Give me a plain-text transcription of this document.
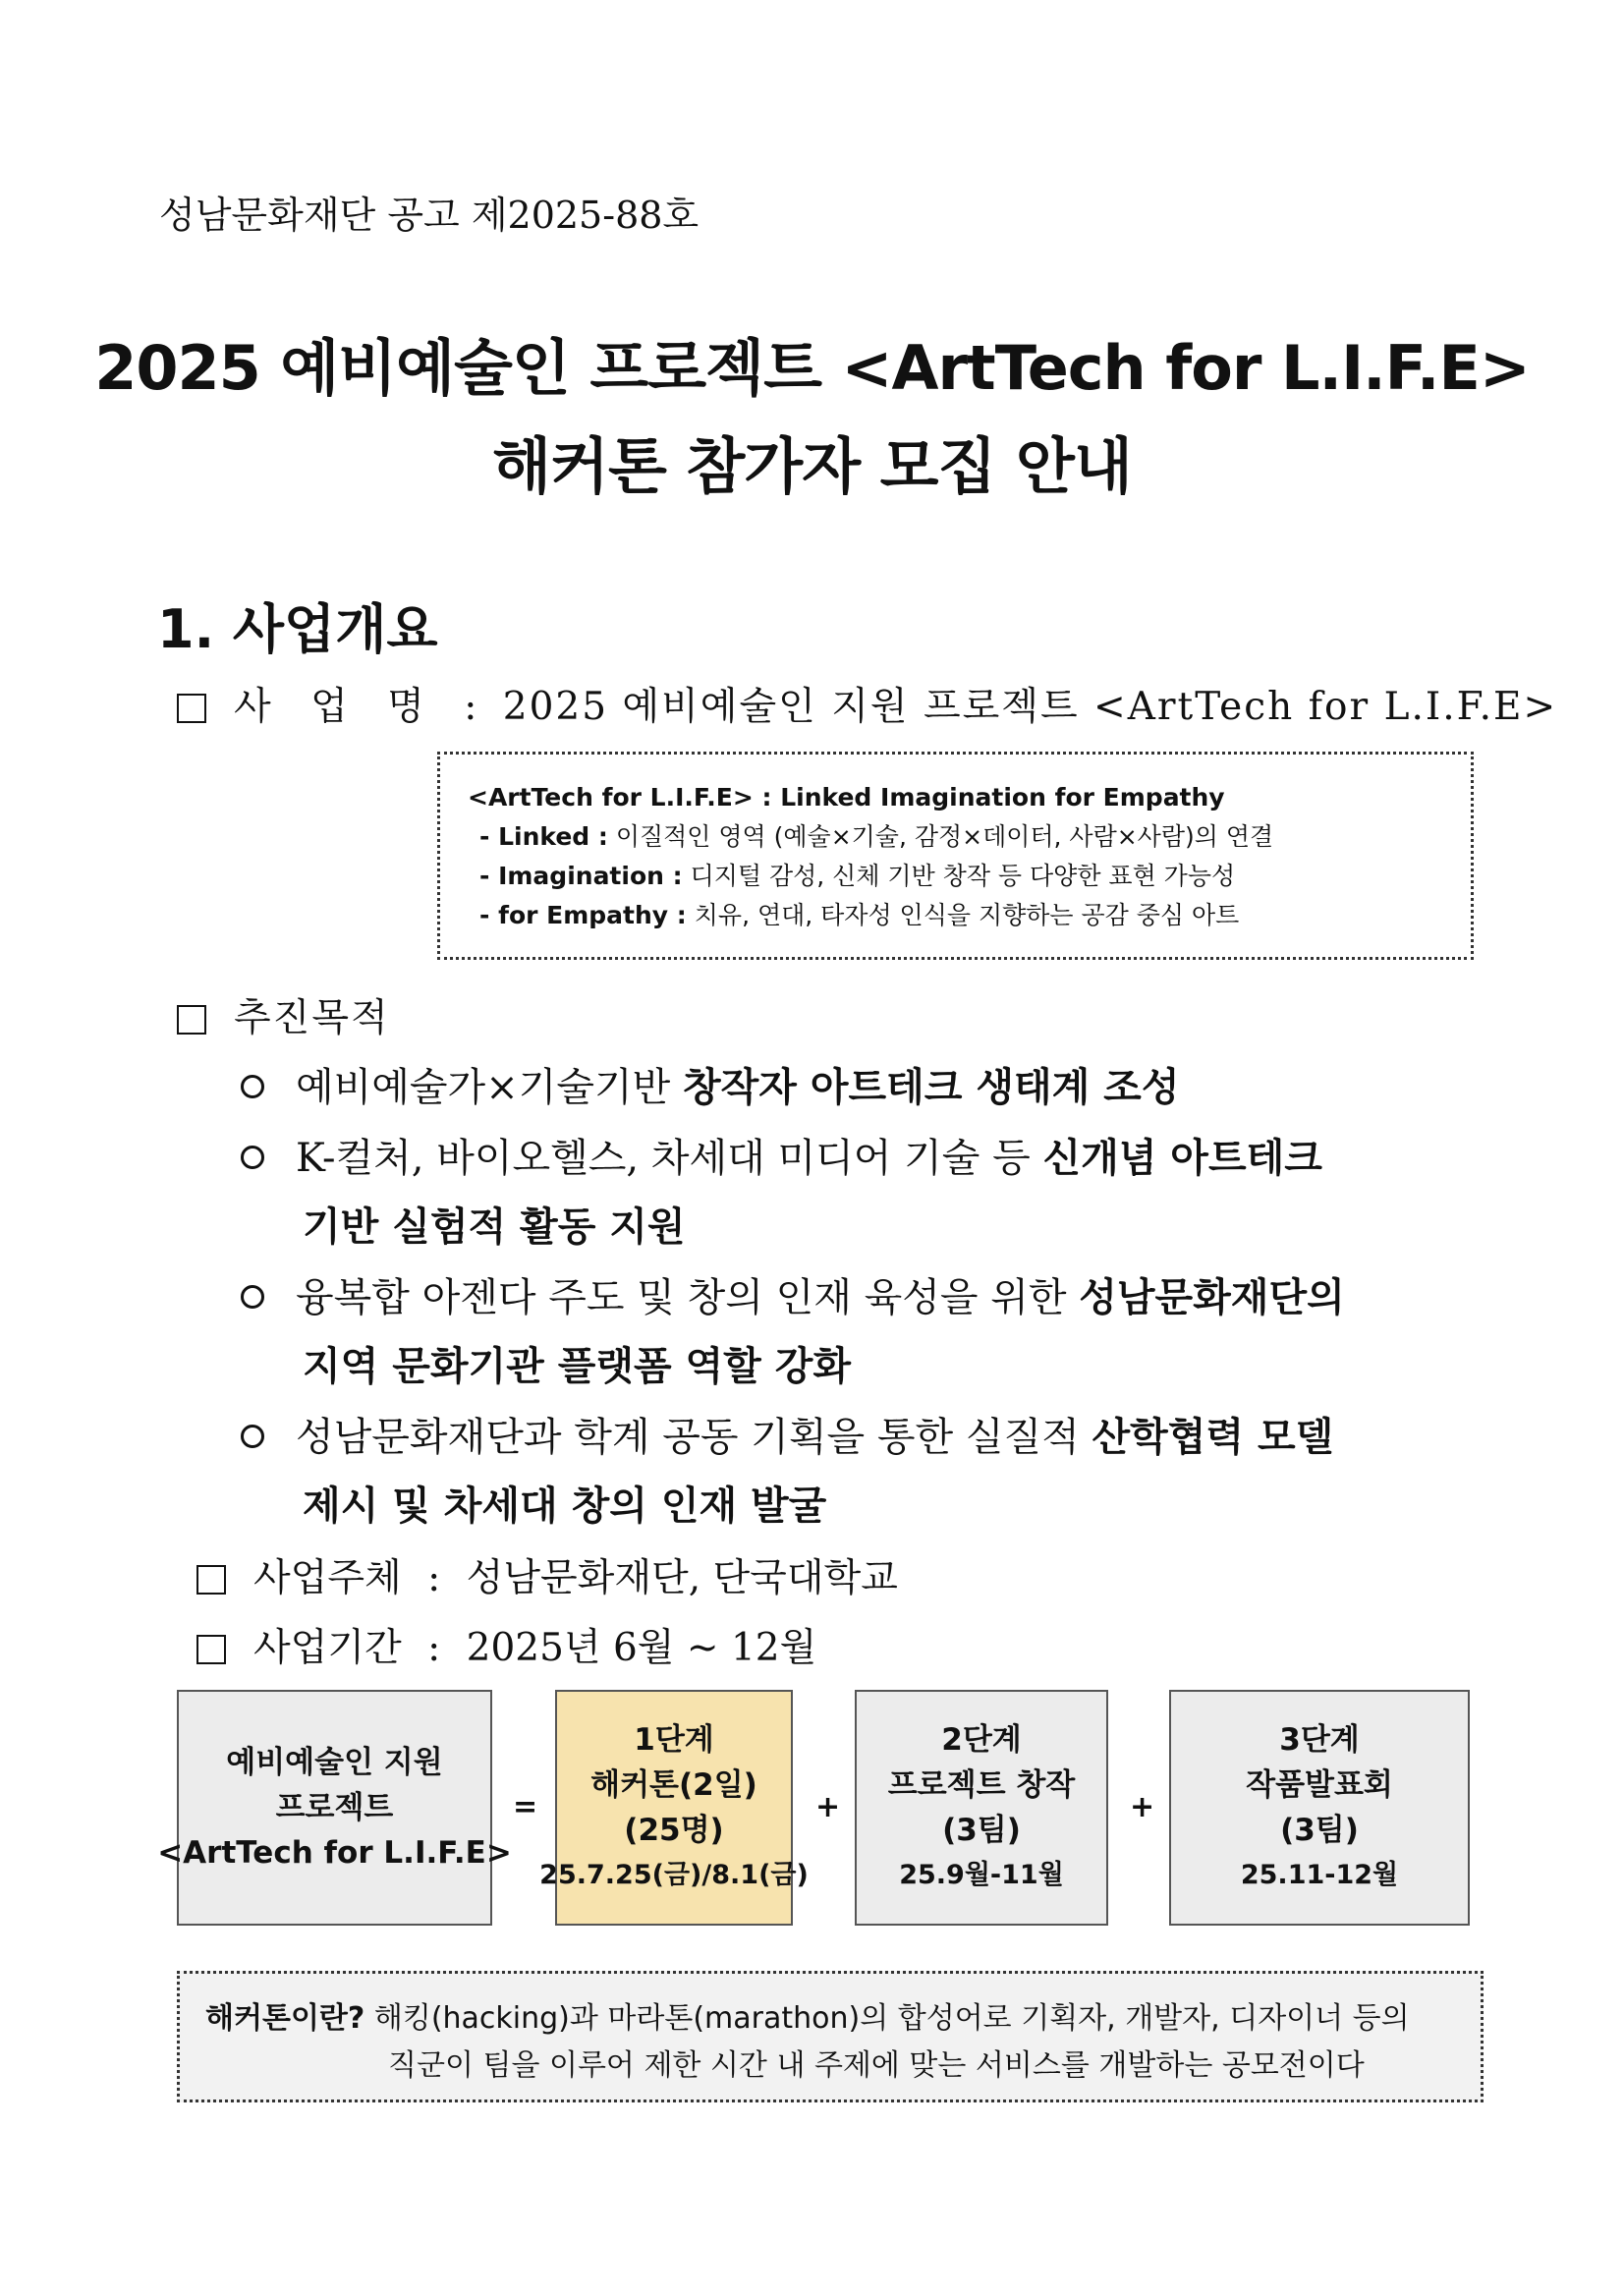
성남문화재단 공고 제2025-88호
2025 예비예술인 프로젝트 <ArtTech for L.I.F.E>
해커톤 참가자 모집 안내
1. 사업개요
사 업 명 : 2025 예비예술인 지원 프로젝트 <ArtTech for L.I.F.E>
<ArtTech for L.I.F.E> : Linked Imagination for Empathy
- Linked : 이질적인 영역 (예술×기술, 감정×데이터, 사람×사람)의 연결
- Imagination : 디지털 감성, 신체 기반 창작 등 다양한 표현 가능성
- for Empathy : 치유, 연대, 타자성 인식을 지향하는 공감 중심 아트
추진목적
예비예술가×기술기반 창작자 아트테크 생태계 조성
K-컬처, 바이오헬스, 차세대 미디어 기술 등 신개념 아트테크
기반 실험적 활동 지원
융복합 아젠다 주도 및 창의 인재 육성을 위한 성남문화재단의
지역 문화기관 플랫폼 역할 강화
성남문화재단과 학계 공동 기획을 통한 실질적 산학협력 모델
제시 및 차세대 창의 인재 발굴
사업주체 : 성남문화재단, 단국대학교
사업기간 : 2025년 6월 ~ 12월
예비예술인 지원
프로젝트
<ArtTech for L.I.F.E>
=
1단계
해커톤(2일)
(25명)
25.7.25(금)/8.1(금)
+
2단계
프로젝트 창작
(3팀)
25.9월-11월
+
3단계
작품발표회
(3팀)
25.11-12월
해커톤이란? 해킹(hacking)과 마라톤(marathon)의 합성어로 기획자, 개발자, 디자이너 등의
직군이 팀을 이루어 제한 시간 내 주제에 맞는 서비스를 개발하는 공모전이다
